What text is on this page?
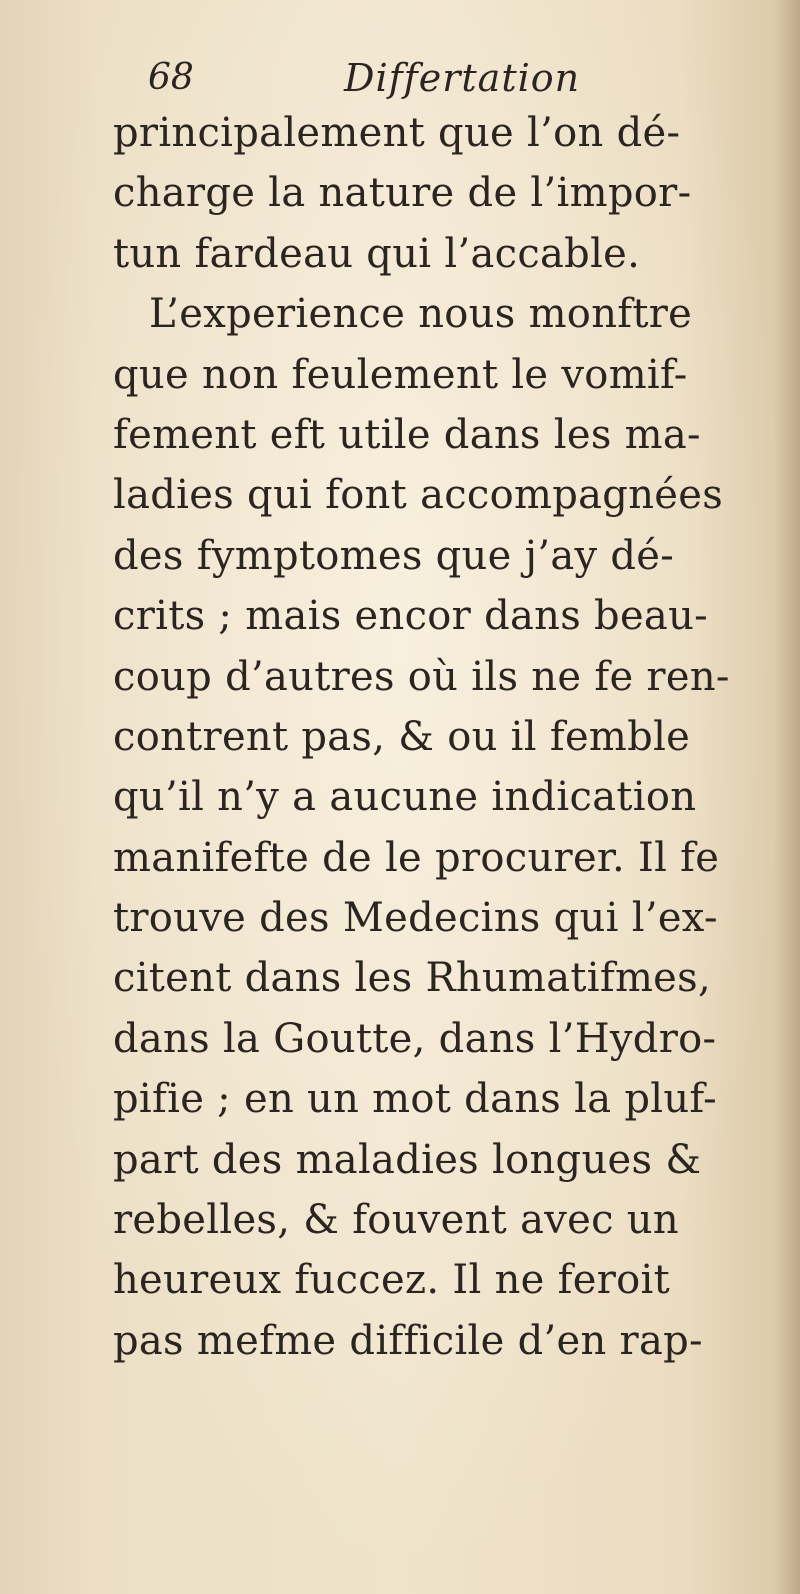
68	Differtation
principalement que l’on dé-
charge la nature de l’impor-
tun fardeau qui l’accable.
L’experience nous monftre
que non feulement le vomif-
fement eft utile dans les ma-
ladies qui font accompagnées
des fymptomes que j’ay dé-
crits ; mais encor dans beau-
coup d’autres où ils ne fe ren-
contrent pas, & ou il femble
qu’il n’y a aucune indication
manifefte de le procurer. Il fe
trouve des Medecins qui l’ex-
citent dans les Rhumatifmes,
dans la Goutte, dans l’Hydro-
pifie ; en un mot dans la pluf-
part des maladies longues &
rebelles, & fouvent avec un
heureux fuccez. Il ne feroit
pas mefme difficile d’en rap-
